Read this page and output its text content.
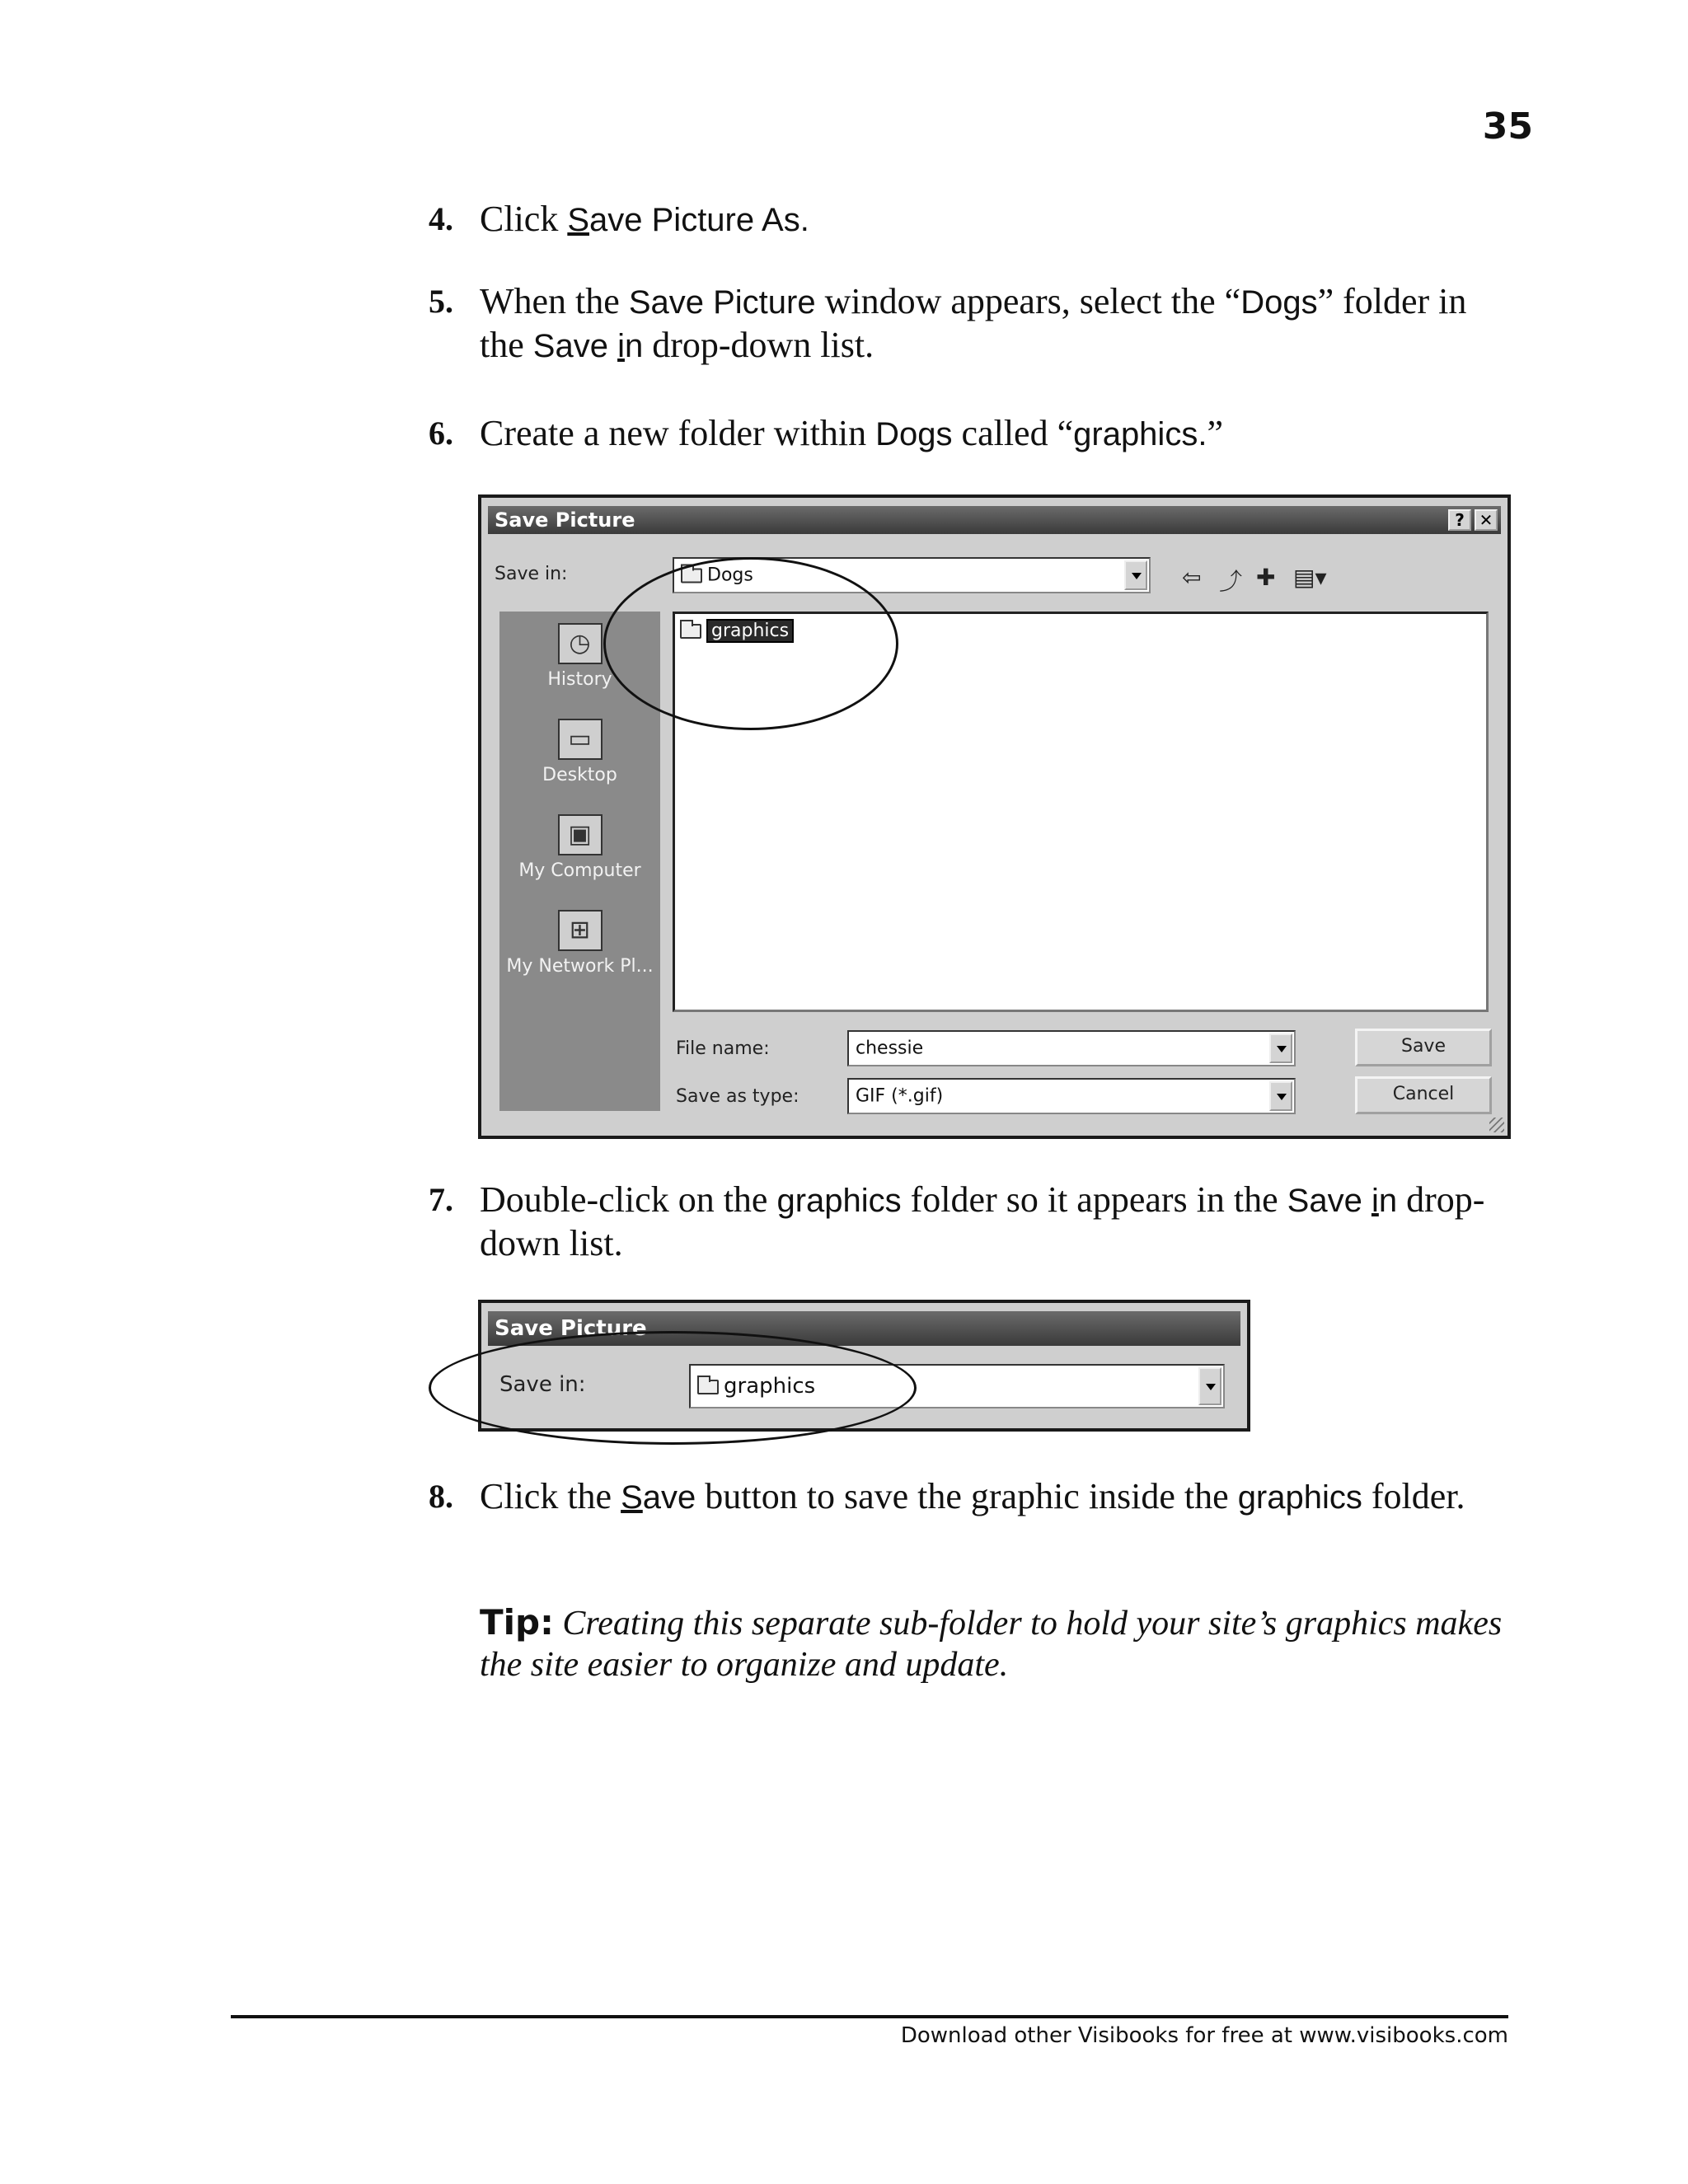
35
4. Click Save Picture As.
5. When the Save Picture window appears, select the “Dogs” folder in the Save in drop-down list.
6. Create a new folder within Dogs called “graphics.”
Save Picture	? ✕
Save in:	Dogs	⇦ ⤴ ✚ ▤▾
◷
History
▭
Desktop
▣
My Computer
⊞
My Network Pl...
graphics
File name:	chessie
Save as type:	GIF (*.gif)
Save
Cancel
7. Double-click on the graphics folder so it appears in the Save in drop-down list.
Save Picture
Save in:	graphics
8. Click the Save button to save the graphic inside the graphics folder.
Tip: Creating this separate sub-folder to hold your site’s graphics makes the site easier to organize and update.
Download other Visibooks for free at www.visibooks.com
